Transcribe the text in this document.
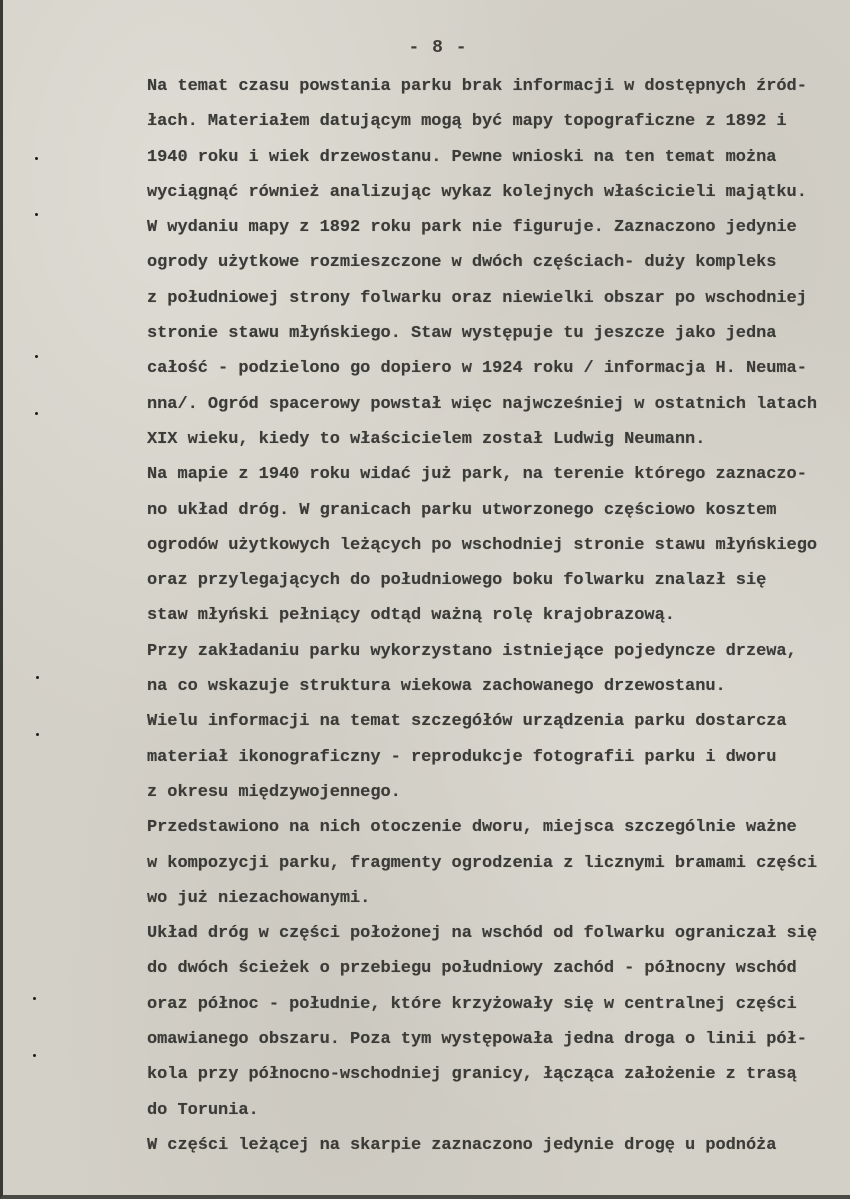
- 8 -
Na temat czasu powstania parku brak informacji w dostępnych źród-
łach. Materiałem datującym mogą być mapy topograficzne z 1892 i
1940 roku i wiek drzewostanu. Pewne wnioski na ten temat można
wyciągnąć również analizując wykaz kolejnych właścicieli majątku.
W wydaniu mapy z 1892 roku park nie figuruje. Zaznaczono jedynie
ogrody użytkowe rozmieszczone w dwóch częściach- duży kompleks
z południowej strony folwarku oraz niewielki obszar po wschodniej
stronie stawu młyńskiego. Staw występuje tu jeszcze jako jedna
całość - podzielono go dopiero w 1924 roku / informacja H. Neuma-
nna/. Ogród spacerowy powstał więc najwcześniej w ostatnich latach
XIX wieku, kiedy to właścicielem został Ludwig Neumann.
Na mapie z 1940 roku widać już park, na terenie którego zaznaczo-
no układ dróg. W granicach parku utworzonego częściowo kosztem
ogrodów użytkowych leżących po wschodniej stronie stawu młyńskiego
oraz przylegających do południowego boku folwarku znalazł się
staw młyński pełniący odtąd ważną rolę krajobrazową.
Przy zakładaniu parku wykorzystano istniejące pojedyncze drzewa,
na co wskazuje struktura wiekowa zachowanego drzewostanu.
Wielu informacji na temat szczegółów urządzenia parku dostarcza
materiał ikonograficzny - reprodukcje fotografii parku i dworu
z okresu międzywojennego.
Przedstawiono na nich otoczenie dworu, miejsca szczególnie ważne
w kompozycji parku, fragmenty ogrodzenia z licznymi bramami części
wo już niezachowanymi.
Układ dróg w części położonej na wschód od folwarku ograniczał się
do dwóch ścieżek o przebiegu południowy zachód - północny wschód
oraz północ - południe, które krzyżowały się w centralnej części
omawianego obszaru. Poza tym występowała jedna droga o linii pół-
kola przy północno-wschodniej granicy, łącząca założenie z trasą
do Torunia.
W części leżącej na skarpie zaznaczono jedynie drogę u podnóża
